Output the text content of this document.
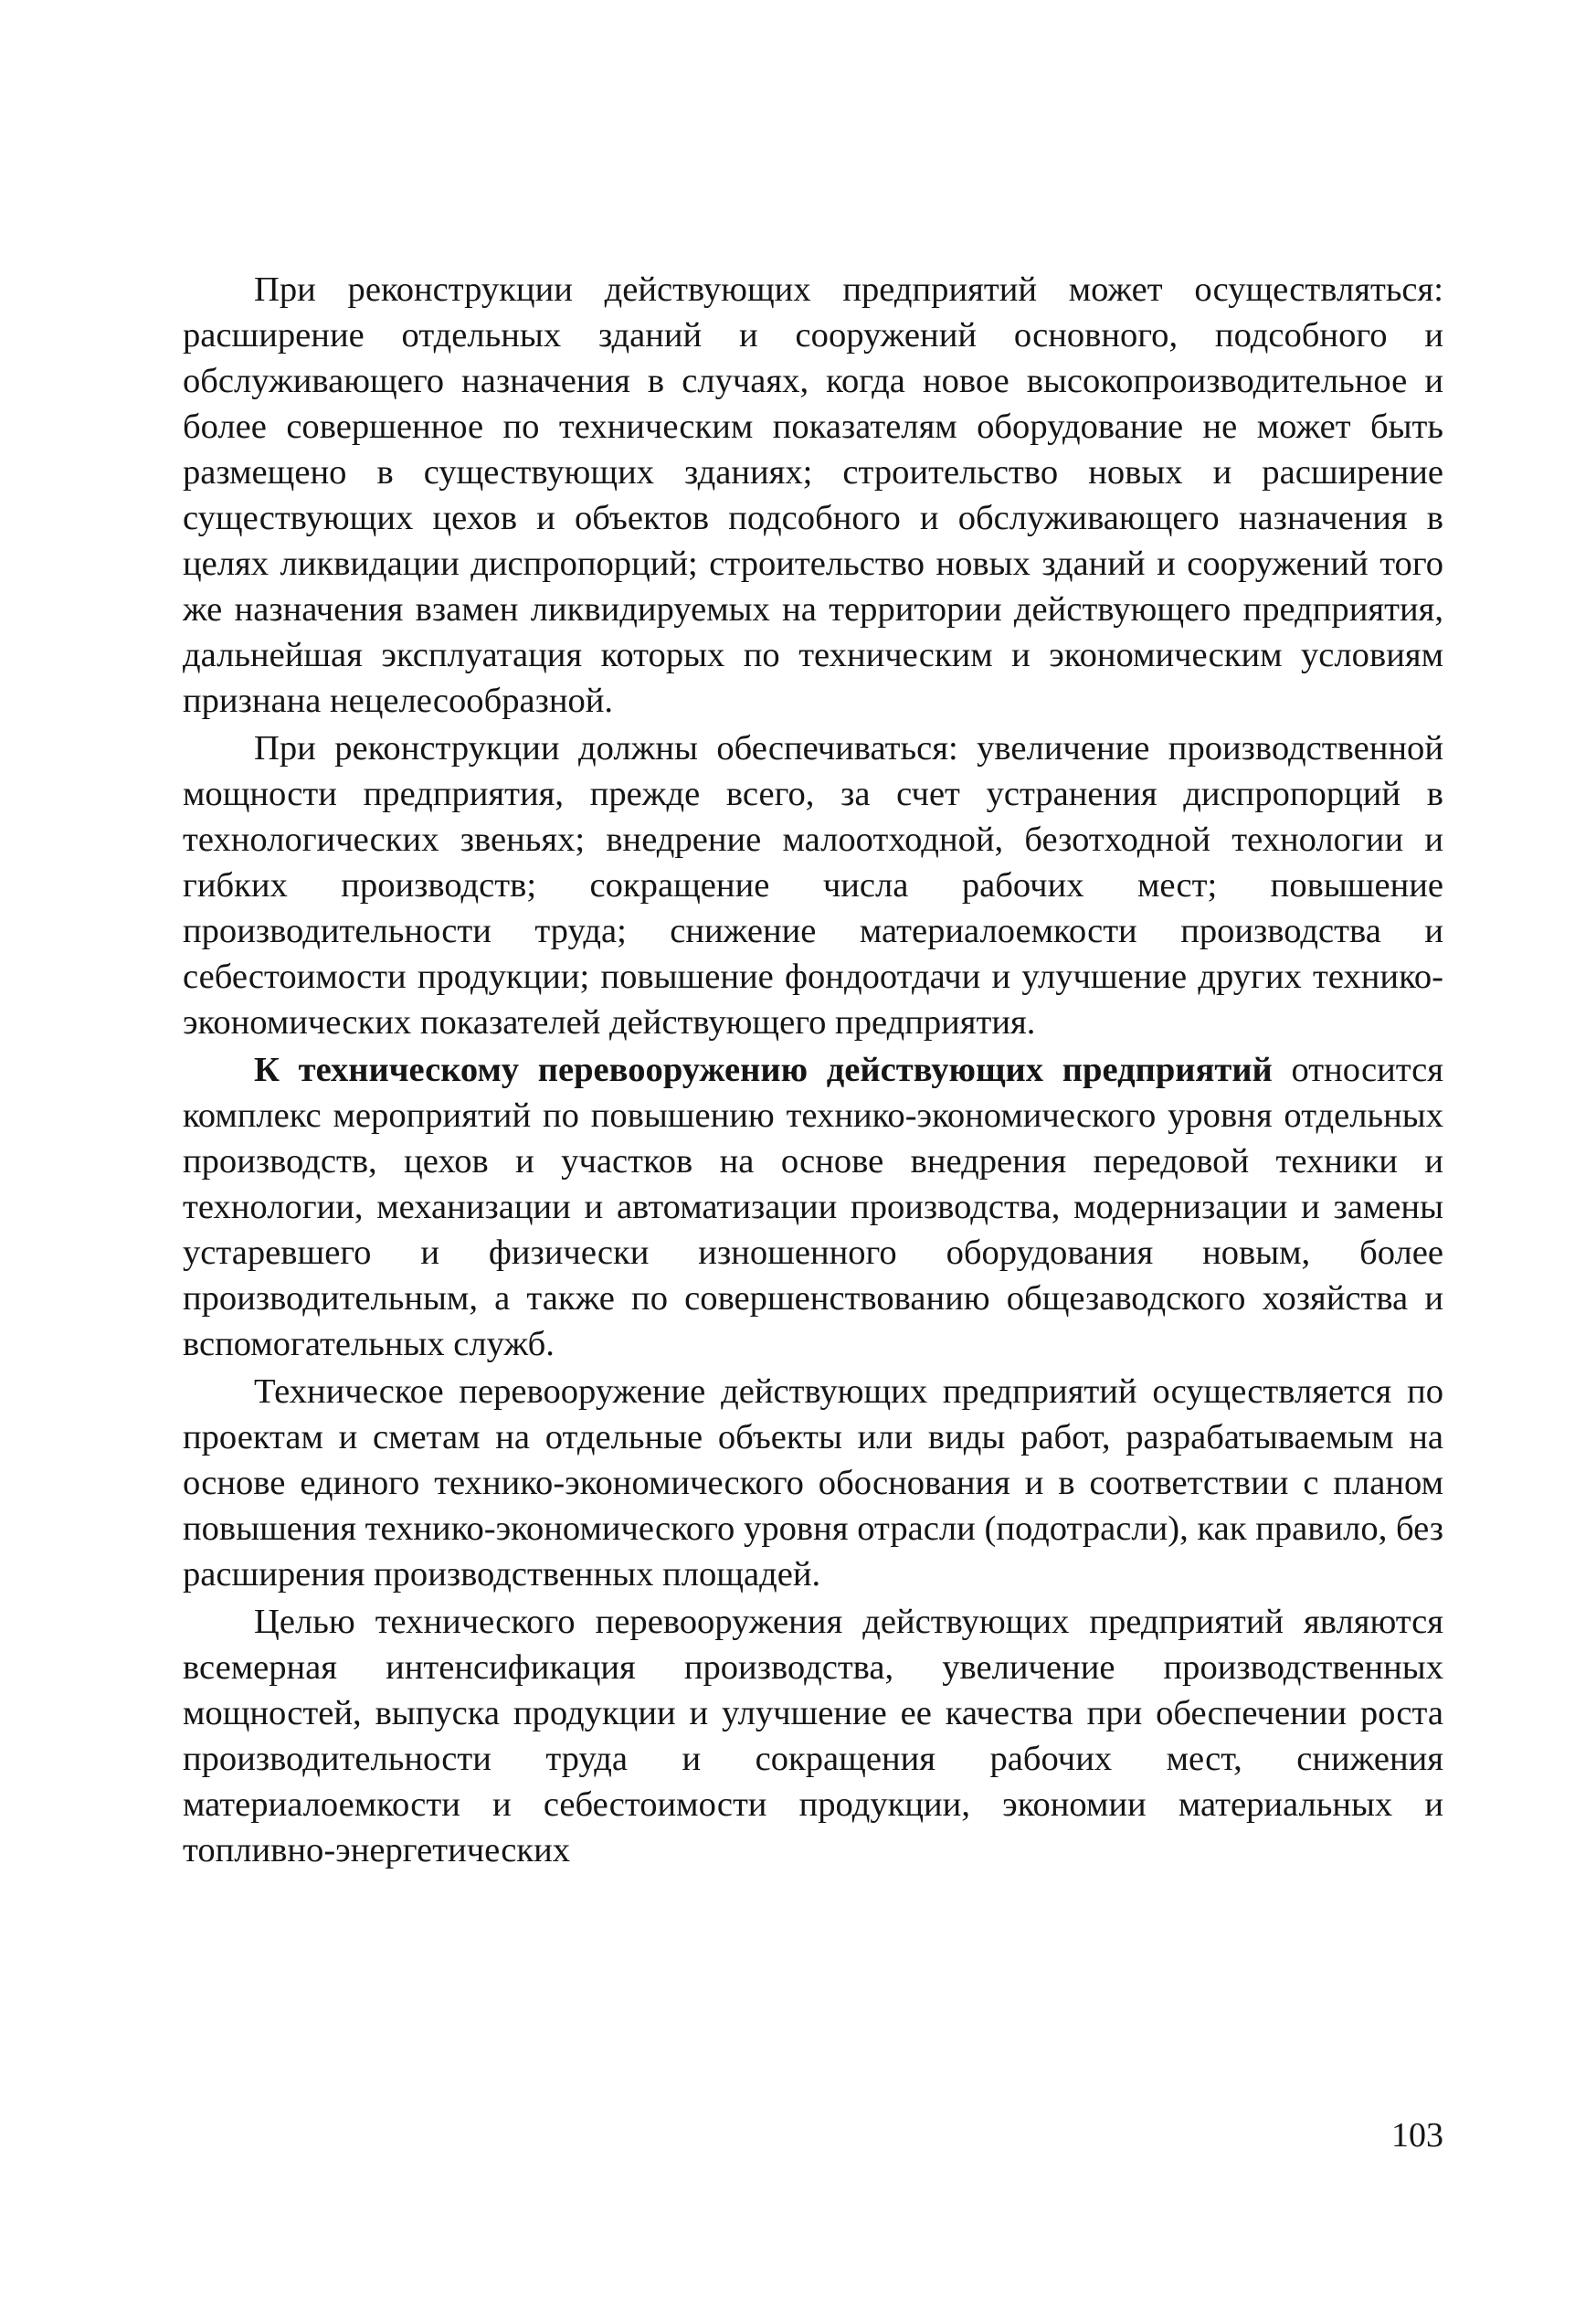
При реконструкции действующих предприятий может осуществляться: расширение отдельных зданий и сооружений основного, подсобного и обслуживающего назначения в случаях, когда новое высокопроизводительное и более совершенное по техническим показателям оборудование не может быть размещено в существующих зданиях; строительство новых и расширение существующих цехов и объектов подсобного и обслуживающего назначения в целях ликвидации диспропорций; строительство новых зданий и сооружений того же назначения взамен ликвидируемых на территории действующего предприятия, дальнейшая эксплуатация которых по техническим и экономическим условиям признана нецелесообразной.

При реконструкции должны обеспечиваться: увеличение производственной мощности предприятия, прежде всего, за счет устранения диспропорций в технологических звеньях; внедрение малоотходной, безотходной технологии и гибких производств; сокращение числа рабочих мест; повышение производительности труда; снижение материалоемкости производства и себестоимости продукции; повышение фондоотдачи и улучшение других технико-экономических показателей действующего предприятия.

К техническому перевооружению действующих предприятий относится комплекс мероприятий по повышению технико-экономического уровня отдельных производств, цехов и участков на основе внедрения передовой техники и технологии, механизации и автоматизации производства, модернизации и замены устаревшего и физически изношенного оборудования новым, более производительным, а также по совершенствованию общезаводского хозяйства и вспомогательных служб.

Техническое перевооружение действующих предприятий осуществляется по проектам и сметам на отдельные объекты или виды работ, разрабатываемым на основе единого технико-экономического обоснования и в соответствии с планом повышения технико-экономического уровня отрасли (подотрасли), как правило, без расширения производственных площадей.

Целью технического перевооружения действующих предприятий являются всемерная интенсификация производства, увеличение производственных мощностей, выпуска продукции и улучшение ее качества при обеспечении роста производительности труда и сокращения рабочих мест, снижения материалоемкости и себестоимости продукции, экономии материальных и топливно-энергетических

103
